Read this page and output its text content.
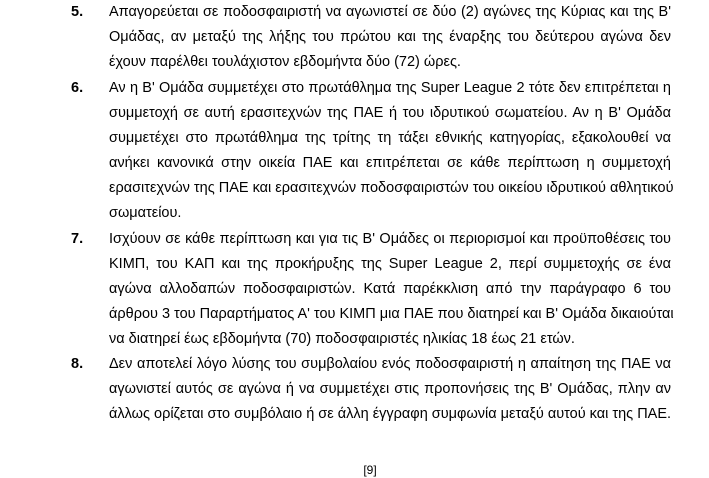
5. Απαγορεύεται σε ποδοσφαιριστή να αγωνιστεί σε δύο (2) αγώνες της Κύριας και της Β'
Ομάδας, αν μεταξύ της λήξης του πρώτου και της έναρξης του δεύτερου αγώνα δεν
έχουν παρέλθει τουλάχιστον εβδομήντα δύο (72) ώρες.
6. Αν η Β' Ομάδα συμμετέχει στο πρωτάθλημα της Super League 2 τότε δεν επιτρέπεται η
συμμετοχή σε αυτή ερασιτεχνών της ΠΑΕ ή του ιδρυτικού σωματείου. Αν η Β' Ομάδα
συμμετέχει στο πρωτάθλημα της τρίτης τη τάξει εθνικής κατηγορίας, εξακολουθεί να
ανήκει κανονικά στην οικεία ΠΑΕ και επιτρέπεται σε κάθε περίπτωση η συμμετοχή
ερασιτεχνών της ΠΑΕ και ερασιτεχνών ποδοσφαιριστών του οικείου ιδρυτικού αθλητικού
σωματείου.
7. Ισχύουν σε κάθε περίπτωση και για τις Β' Ομάδες οι περιορισμοί και προϋποθέσεις του
ΚΙΜΠ, του ΚΑΠ και της προκήρυξης της Super League 2, περί συμμετοχής σε ένα
αγώνα αλλοδαπών ποδοσφαιριστών. Κατά παρέκκλιση από την παράγραφο 6 του
άρθρου 3 του Παραρτήματος Α' του ΚΙΜΠ μια ΠΑΕ που διατηρεί και Β' Ομάδα δικαιούται
να διατηρεί έως εβδομήντα (70) ποδοσφαιριστές ηλικίας 18 έως 21 ετών.
8. Δεν αποτελεί λόγο λύσης του συμβολαίου ενός ποδοσφαιριστή η απαίτηση της ΠΑΕ να
αγωνιστεί αυτός σε αγώνα ή να συμμετέχει στις προπονήσεις της Β' Ομάδας, πλην αν
άλλως ορίζεται στο συμβόλαιο ή σε άλλη έγγραφη συμφωνία μεταξύ αυτού και της ΠΑΕ.
[9]
